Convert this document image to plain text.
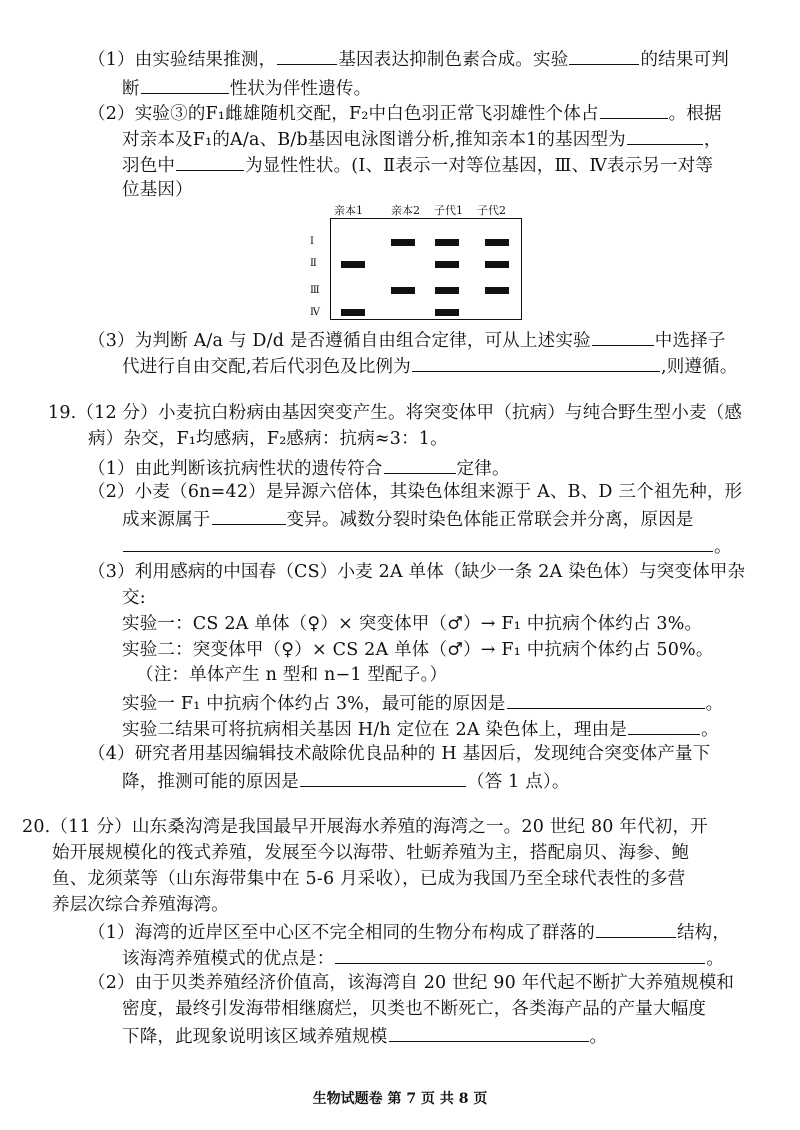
（1）由实验结果推测，	基因表达抑制色素合成。实验	的结果可判
断	性状为伴性遗传。
（2）实验③的F₁雌雄随机交配，F₂中白色羽正常飞羽雄性个体占	。根据
对亲本及F₁的A/a、B/b基因电泳图谱分析,推知亲本1的基因型为	，
羽色中	为显性性状。(Ⅰ、Ⅱ表示一对等位基因，Ⅲ、Ⅳ表示另一对等
位基因）
亲本1	亲本2 子代1 子代2
Ⅰ
Ⅱ
Ⅲ
Ⅳ
（3）为判断 A/a 与 D/d 是否遵循自由组合定律，可从上述实验	中选择子
代进行自由交配,若后代羽色及比例为	,则遵循。
19.（12 分）小麦抗白粉病由基因突变产生。将突变体甲（抗病）与纯合野生型小麦（感
病）杂交，F₁均感病，F₂感病：抗病≈3：1。
（1）由此判断该抗病性状的遗传符合	定律。
（2）小麦（6n=42）是异源六倍体，其染色体组来源于 A、B、D 三个祖先种，形
成来源属于	变异。减数分裂时染色体能正常联会并分离，原因是
。
（3）利用感病的中国春（CS）小麦 2A 单体（缺少一条 2A 染色体）与突变体甲杂
交:
实验一：CS 2A 单体（♀）× 突变体甲（♂）→ F₁ 中抗病个体约占 3%。
实验二：突变体甲（♀）× CS 2A 单体（♂）→ F₁ 中抗病个体约占 50%。
（注：单体产生 n 型和 n−1 型配子。）
实验一 F₁ 中抗病个体约占 3%，最可能的原因是	。
实验二结果可将抗病相关基因 H/h 定位在 2A 染色体上，理由是	。
（4）研究者用基因编辑技术敲除优良品种的 H 基因后，发现纯合突变体产量下
降，推测可能的原因是	（答 1 点）。
20.（11 分）山东桑沟湾是我国最早开展海水养殖的海湾之一。20 世纪 80 年代初，开
始开展规模化的筏式养殖，发展至今以海带、牡蛎养殖为主，搭配扇贝、海参、鲍
鱼、龙须菜等（山东海带集中在 5-6 月采收），已成为我国乃至全球代表性的多营
养层次综合养殖海湾。
（1）海湾的近岸区至中心区不完全相同的生物分布构成了群落的	结构，
该海湾养殖模式的优点是：	。
（2）由于贝类养殖经济价值高，该海湾自 20 世纪 90 年代起不断扩大养殖规模和
密度，最终引发海带相继腐烂，贝类也不断死亡，各类海产品的产量大幅度
下降，此现象说明该区域养殖规模	。
生物试题卷 第 7 页 共 8 页
